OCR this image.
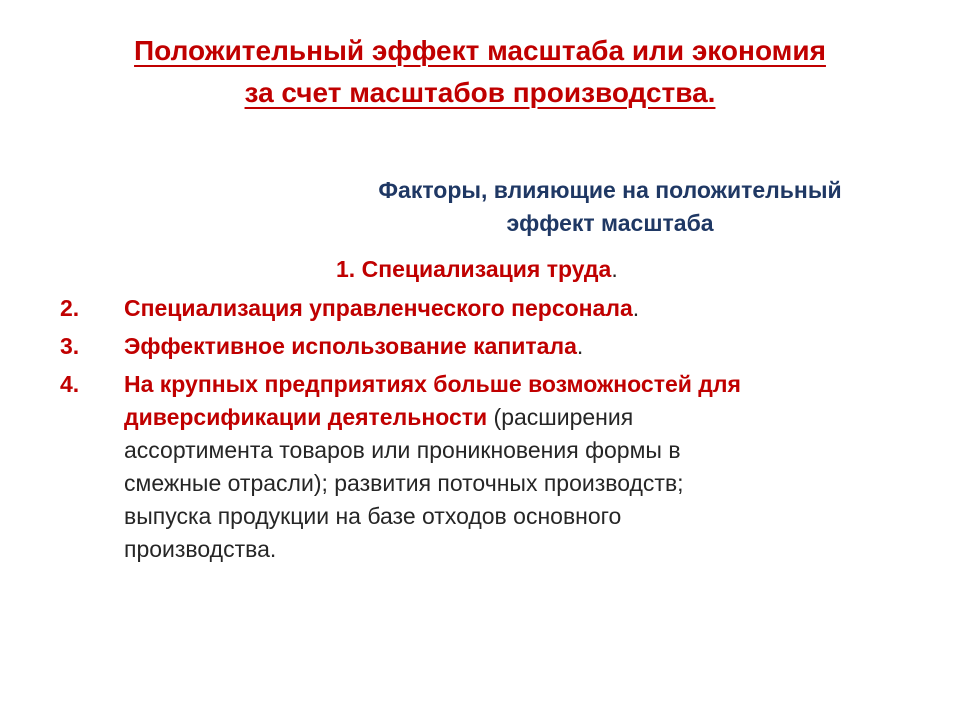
Положительный эффект масштаба или экономия
за счет масштабов производства.
Факторы, влияющие на положительный
эффект масштаба
1. Специализация труда.
2. Специализация управленческого персонала.
3. Эффективное использование капитала.
4. На крупных предприятиях больше возможностей для
диверсификации деятельности (расширения
ассортимента товаров или проникновения формы в
смежные отрасли); развития поточных производств;
выпуска продукции на базе отходов основного
производства.
